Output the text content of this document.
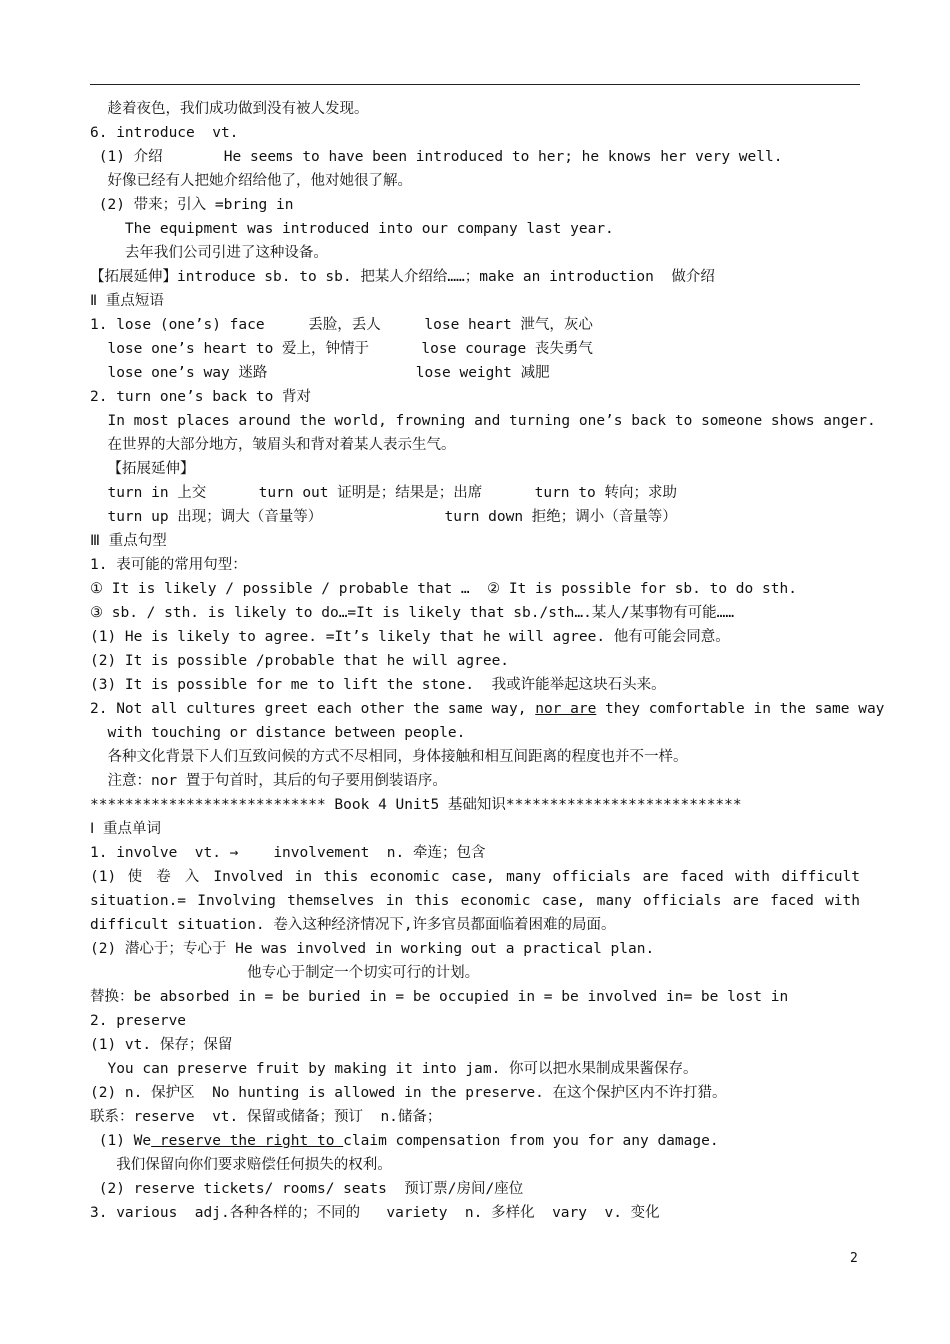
趁着夜色，我们成功做到没有被人发现。
6. introduce  vt.
(1) 介绍       He seems to have been introduced to her; he knows her very well.
好像已经有人把她介绍给他了，他对她很了解。
(2) 带来；引入 =bring in
The equipment was introduced into our company last year.
去年我们公司引进了这种设备。
【拓展延伸】introduce sb. to sb. 把某人介绍给……；make an introduction  做介绍
Ⅱ 重点短语
1. lose (one’s) face     丢脸，丢人     lose heart 泄气，灰心
lose one’s heart to 爱上，钟情于      lose courage 丧失勇气
lose one’s way 迷路                 lose weight 减肥
2. turn one’s back to 背对
In most places around the world, frowning and turning one’s back to someone shows anger.
在世界的大部分地方，皱眉头和背对着某人表示生气。
【拓展延伸】
turn in 上交      turn out 证明是；结果是；出席      turn to 转向；求助
turn up 出现；调大（音量等）              turn down 拒绝；调小（音量等）
Ⅲ 重点句型
1. 表可能的常用句型：
① It is likely / possible / probable that …  ② It is possible for sb. to do sth.
③ sb. / sth. is likely to do…=It is likely that sb./sth….某人/某事物有可能……
(1) He is likely to agree. =It’s likely that he will agree. 他有可能会同意。
(2) It is possible /probable that he will agree.
(3) It is possible for me to lift the stone.  我或许能举起这块石头来。
2. Not all cultures greet each other the same way, nor are they comfortable in the same way
with touching or distance between people.
各种文化背景下人们互致问候的方式不尽相同，身体接触和相互间距离的程度也并不一样。
注意：nor 置于句首时，其后的句子要用倒装语序。
*************************** Book 4 Unit5 基础知识***************************
Ⅰ 重点单词
1. involve  vt. →    involvement  n. 牵连；包含
(1) 使 卷 入 Involved in this economic case, many officials are faced with difficult situation.= Involving themselves in this economic case, many officials are faced with difficult situation. 卷入这种经济情况下,许多官员都面临着困难的局面。
(2) 潜心于；专心于 He was involved in working out a practical plan.
他专心于制定一个切实可行的计划。
替换：be absorbed in = be buried in = be occupied in = be involved in= be lost in
2. preserve
(1) vt. 保存；保留
You can preserve fruit by making it into jam. 你可以把水果制成果酱保存。
(2) n. 保护区  No hunting is allowed in the preserve. 在这个保护区内不许打猎。
联系：reserve  vt. 保留或储备；预订  n.储备；
(1) We reserve the right to claim compensation from you for any damage.
我们保留向你们要求赔偿任何损失的权利。
(2) reserve tickets/ rooms/ seats  预订票/房间/座位
3. various  adj.各种各样的；不同的   variety  n. 多样化  vary  v. 变化
2
